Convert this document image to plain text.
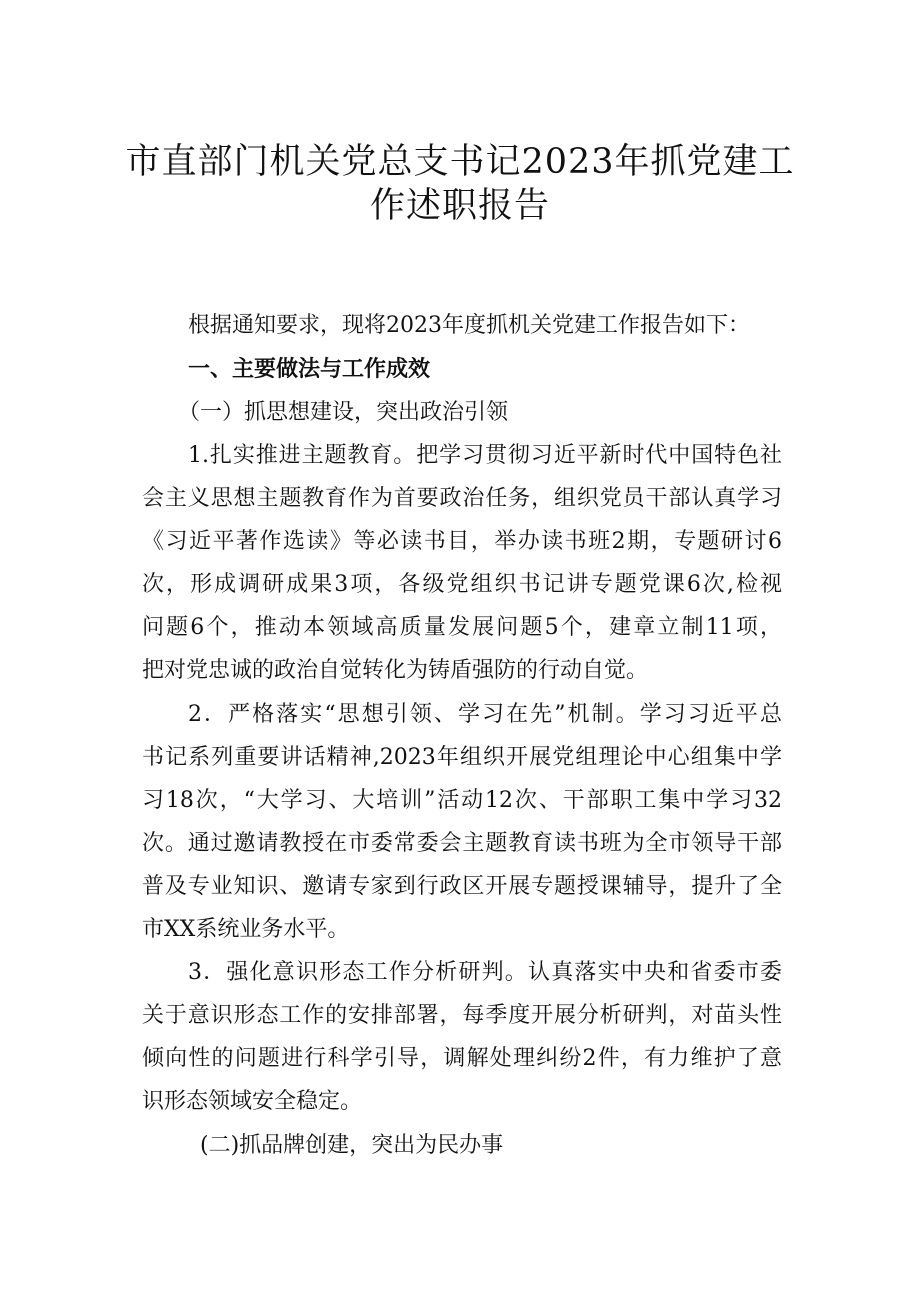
市直部门机关党总支书记2023年抓党建工
作述职报告
根据通知要求，现将2023年度抓机关党建工作报告如下：
一、主要做法与工作成效
（一）抓思想建设，突出政治引领
1.扎实推进主题教育。把学习贯彻习近平新时代中国特色社
会主义思想主题教育作为首要政治任务，组织党员干部认真学习
《习近平著作选读》等必读书目，举办读书班2期，专题研讨6
次，形成调研成果3项，各级党组织书记讲专题党课6次,检视
问题6个，推动本领域高质量发展问题5个，建章立制11项，
把对党忠诚的政治自觉转化为铸盾强防的行动自觉。
2．严格落实“思想引领、学习在先”机制。学习习近平总
书记系列重要讲话精神,2023年组织开展党组理论中心组集中学
习18次，“大学习、大培训”活动12次、干部职工集中学习32
次。通过邀请教授在市委常委会主题教育读书班为全市领导干部
普及专业知识、邀请专家到行政区开展专题授课辅导，提升了全
市XX系统业务水平。
3．强化意识形态工作分析研判。认真落实中央和省委市委
关于意识形态工作的安排部署，每季度开展分析研判，对苗头性
倾向性的问题进行科学引导，调解处理纠纷2件，有力维护了意
识形态领域安全稳定。
(二)抓品牌创建，突出为民办事
